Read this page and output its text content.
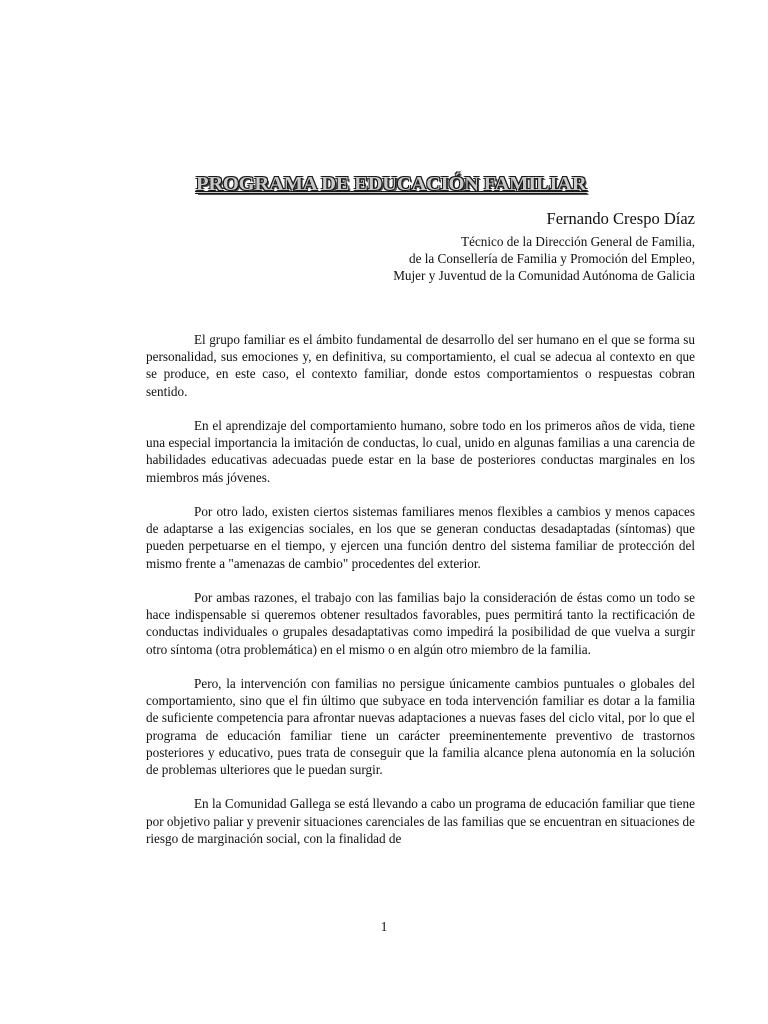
PROGRAMA DE EDUCACIÓN FAMILIAR

Fernando Crespo Díaz

Técnico de la Dirección General de Familia,
de la Consellería de Familia y Promoción del Empleo,
Mujer y Juventud de la Comunidad Autónoma de Galicia

El grupo familiar es el ámbito fundamental de desarrollo del ser humano en el que se forma su personalidad, sus emociones y, en definitiva, su comportamiento, el cual se adecua al contexto en que se produce, en este caso, el contexto familiar, donde estos comportamientos o respuestas cobran sentido.

En el aprendizaje del comportamiento humano, sobre todo en los primeros años de vida, tiene una especial importancia la imitación de conductas, lo cual, unido en algunas familias a una carencia de habilidades educativas adecuadas puede estar en la base de posteriores conductas marginales en los miembros más jóvenes.

Por otro lado, existen ciertos sistemas familiares menos flexibles a cambios y menos capaces de adaptarse a las exigencias sociales, en los que se generan conductas desadaptadas (síntomas) que pueden perpetuarse en el tiempo, y ejercen una función dentro del sistema familiar de protección del mismo frente a "amenazas de cambio" procedentes del exterior.

Por ambas razones, el trabajo con las familias bajo la consideración de éstas como un todo se hace indispensable si queremos obtener resultados favorables, pues permitirá tanto la rectificación de conductas individuales o grupales desadaptativas como impedirá la posibilidad de que vuelva a surgir otro síntoma (otra problemática) en el mismo o en algún otro miembro de la familia.

Pero, la intervención con familias no persigue únicamente cambios puntuales o globales del comportamiento, sino que el fin último que subyace en toda intervención familiar es dotar a la familia de suficiente competencia para afrontar nuevas adaptaciones a nuevas fases del ciclo vital, por lo que el programa de educación familiar tiene un carácter preeminentemente preventivo de trastornos posteriores y educativo, pues trata de conseguir que la familia alcance plena autonomía en la solución de problemas ulteriores que le puedan surgir.

En la Comunidad Gallega se está llevando a cabo un programa de educación familiar que tiene por objetivo paliar y prevenir situaciones carenciales de las familias que se encuentran en situaciones de riesgo de marginación social, con la finalidad de

1
